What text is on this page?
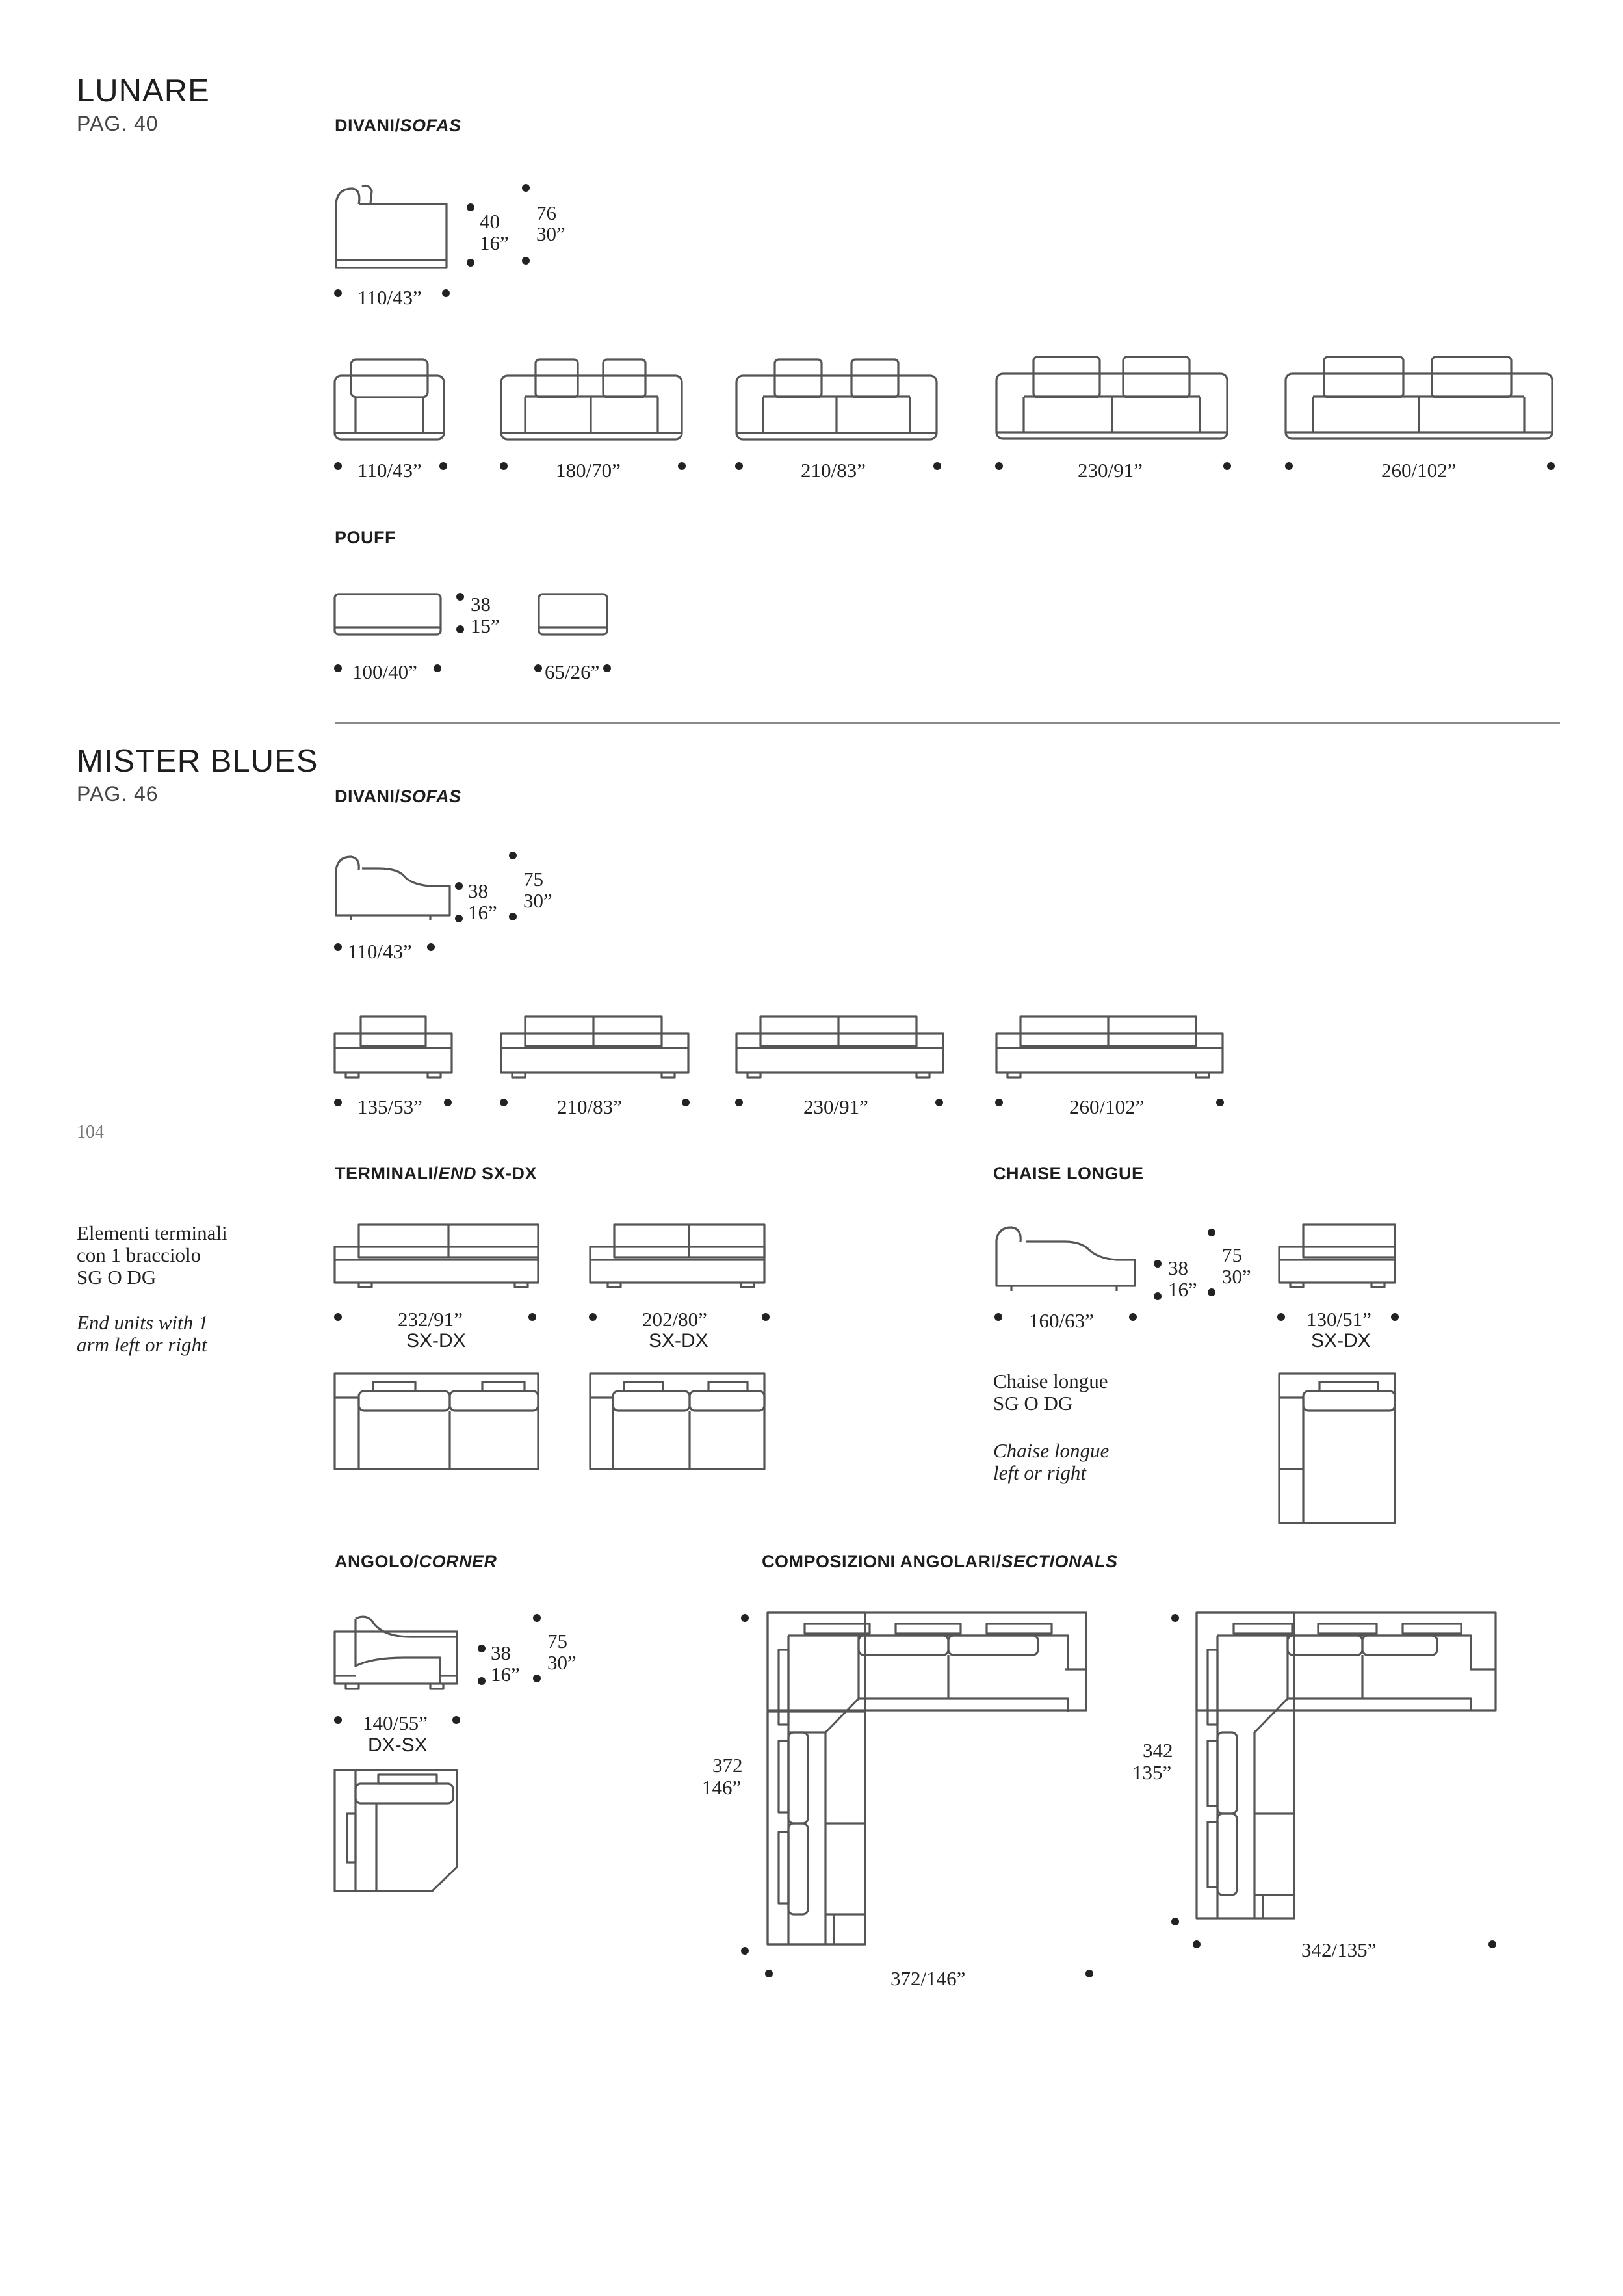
LUNARE
PAG. 40	DIVANI/SOFAS
40
16”
76
30”
110/43”
110/43”	180/70”	210/83”	230/91”	260/102”
POUFF
38
15”
100/40”	65/26”
MISTER BLUES
PAG. 46	DIVANI/SOFAS
38
16”
75
30”
110/43”
135/53”	210/83”	230/91”	260/102”
104
TERMINALI/END SX-DX
Elementi terminali
con 1 bracciolo
SG O DG
End units with 1
arm left or right
232/91”
SX-DX
202/80”
SX-DX
CHAISE LONGUE
38
16”
75
30”
160/63”	130/51”
SX-DX
Chaise longue
SG O DG
Chaise longue
left or right
ANGOLO/CORNER
38
16”
75
30”
140/55”
DX-SX
COMPOSIZIONI ANGOLARI/SECTIONALS
372
146”
372/146”
342
135”
342/135”
